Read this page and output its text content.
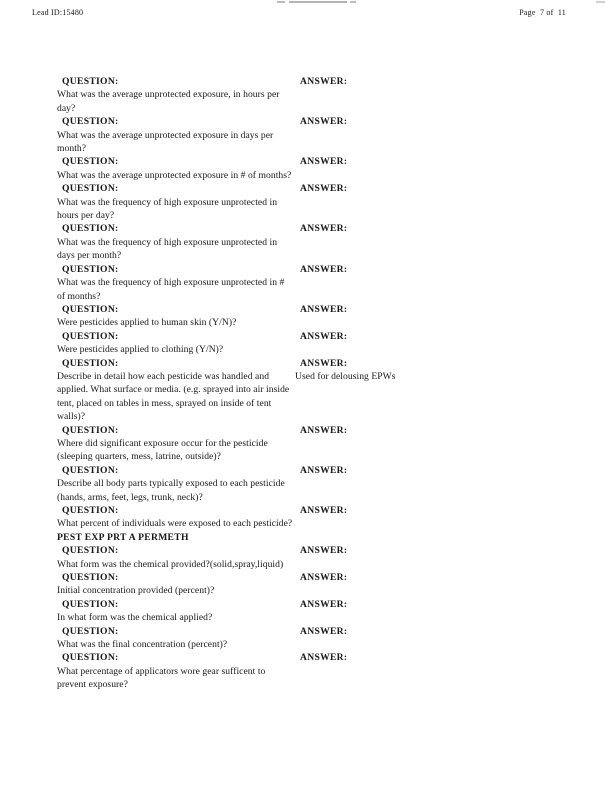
Lead ID:15480	Page  7 of  11
QUESTION:
What was the average unprotected exposure, in hours per day?
ANSWER:
QUESTION:
What was the average unprotected exposure in days per month?
ANSWER:
QUESTION:
What was the average unprotected exposure in # of months?
ANSWER:
QUESTION:
What was the frequency of high exposure unprotected in hours per day?
ANSWER:
QUESTION:
What was the frequency of high exposure unprotected in days per month?
ANSWER:
QUESTION:
What was the frequency of high exposure unprotected in # of months?
ANSWER:
QUESTION:
Were pesticides applied to human skin (Y/N)?
ANSWER:
QUESTION:
Were pesticides applied to clothing (Y/N)?
ANSWER:
QUESTION:
Describe in detail how each pesticide was handled and applied. What surface or media. (e.g. sprayed into air inside tent, placed on tables in mess, sprayed on inside of tent walls)?
ANSWER:
Used for delousing EPWs
QUESTION:
Where did significant exposure occur for the pesticide (sleeping quarters, mess, latrine, outside)?
ANSWER:
QUESTION:
Describe all body parts typically exposed to each pesticide (hands, arms, feet, legs, trunk, neck)?
ANSWER:
QUESTION:
What percent of individuals were exposed to each pesticide?
ANSWER:
PEST EXP PRT A PERMETH
QUESTION:
What form was the chemical provided?(solid,spray,liquid)
ANSWER:
QUESTION:
Initial concentration provided (percent)?
ANSWER:
QUESTION:
In what form was the chemical applied?
ANSWER:
QUESTION:
What was the final concentration (percent)?
ANSWER:
QUESTION:
What percentage of applicators wore gear sufficent to prevent exposure?
ANSWER:
